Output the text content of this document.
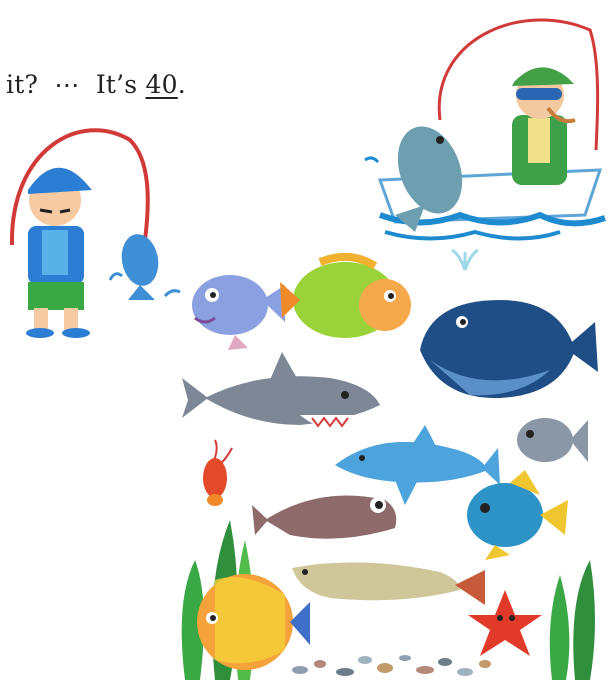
it? ⋯ It’s 40.
